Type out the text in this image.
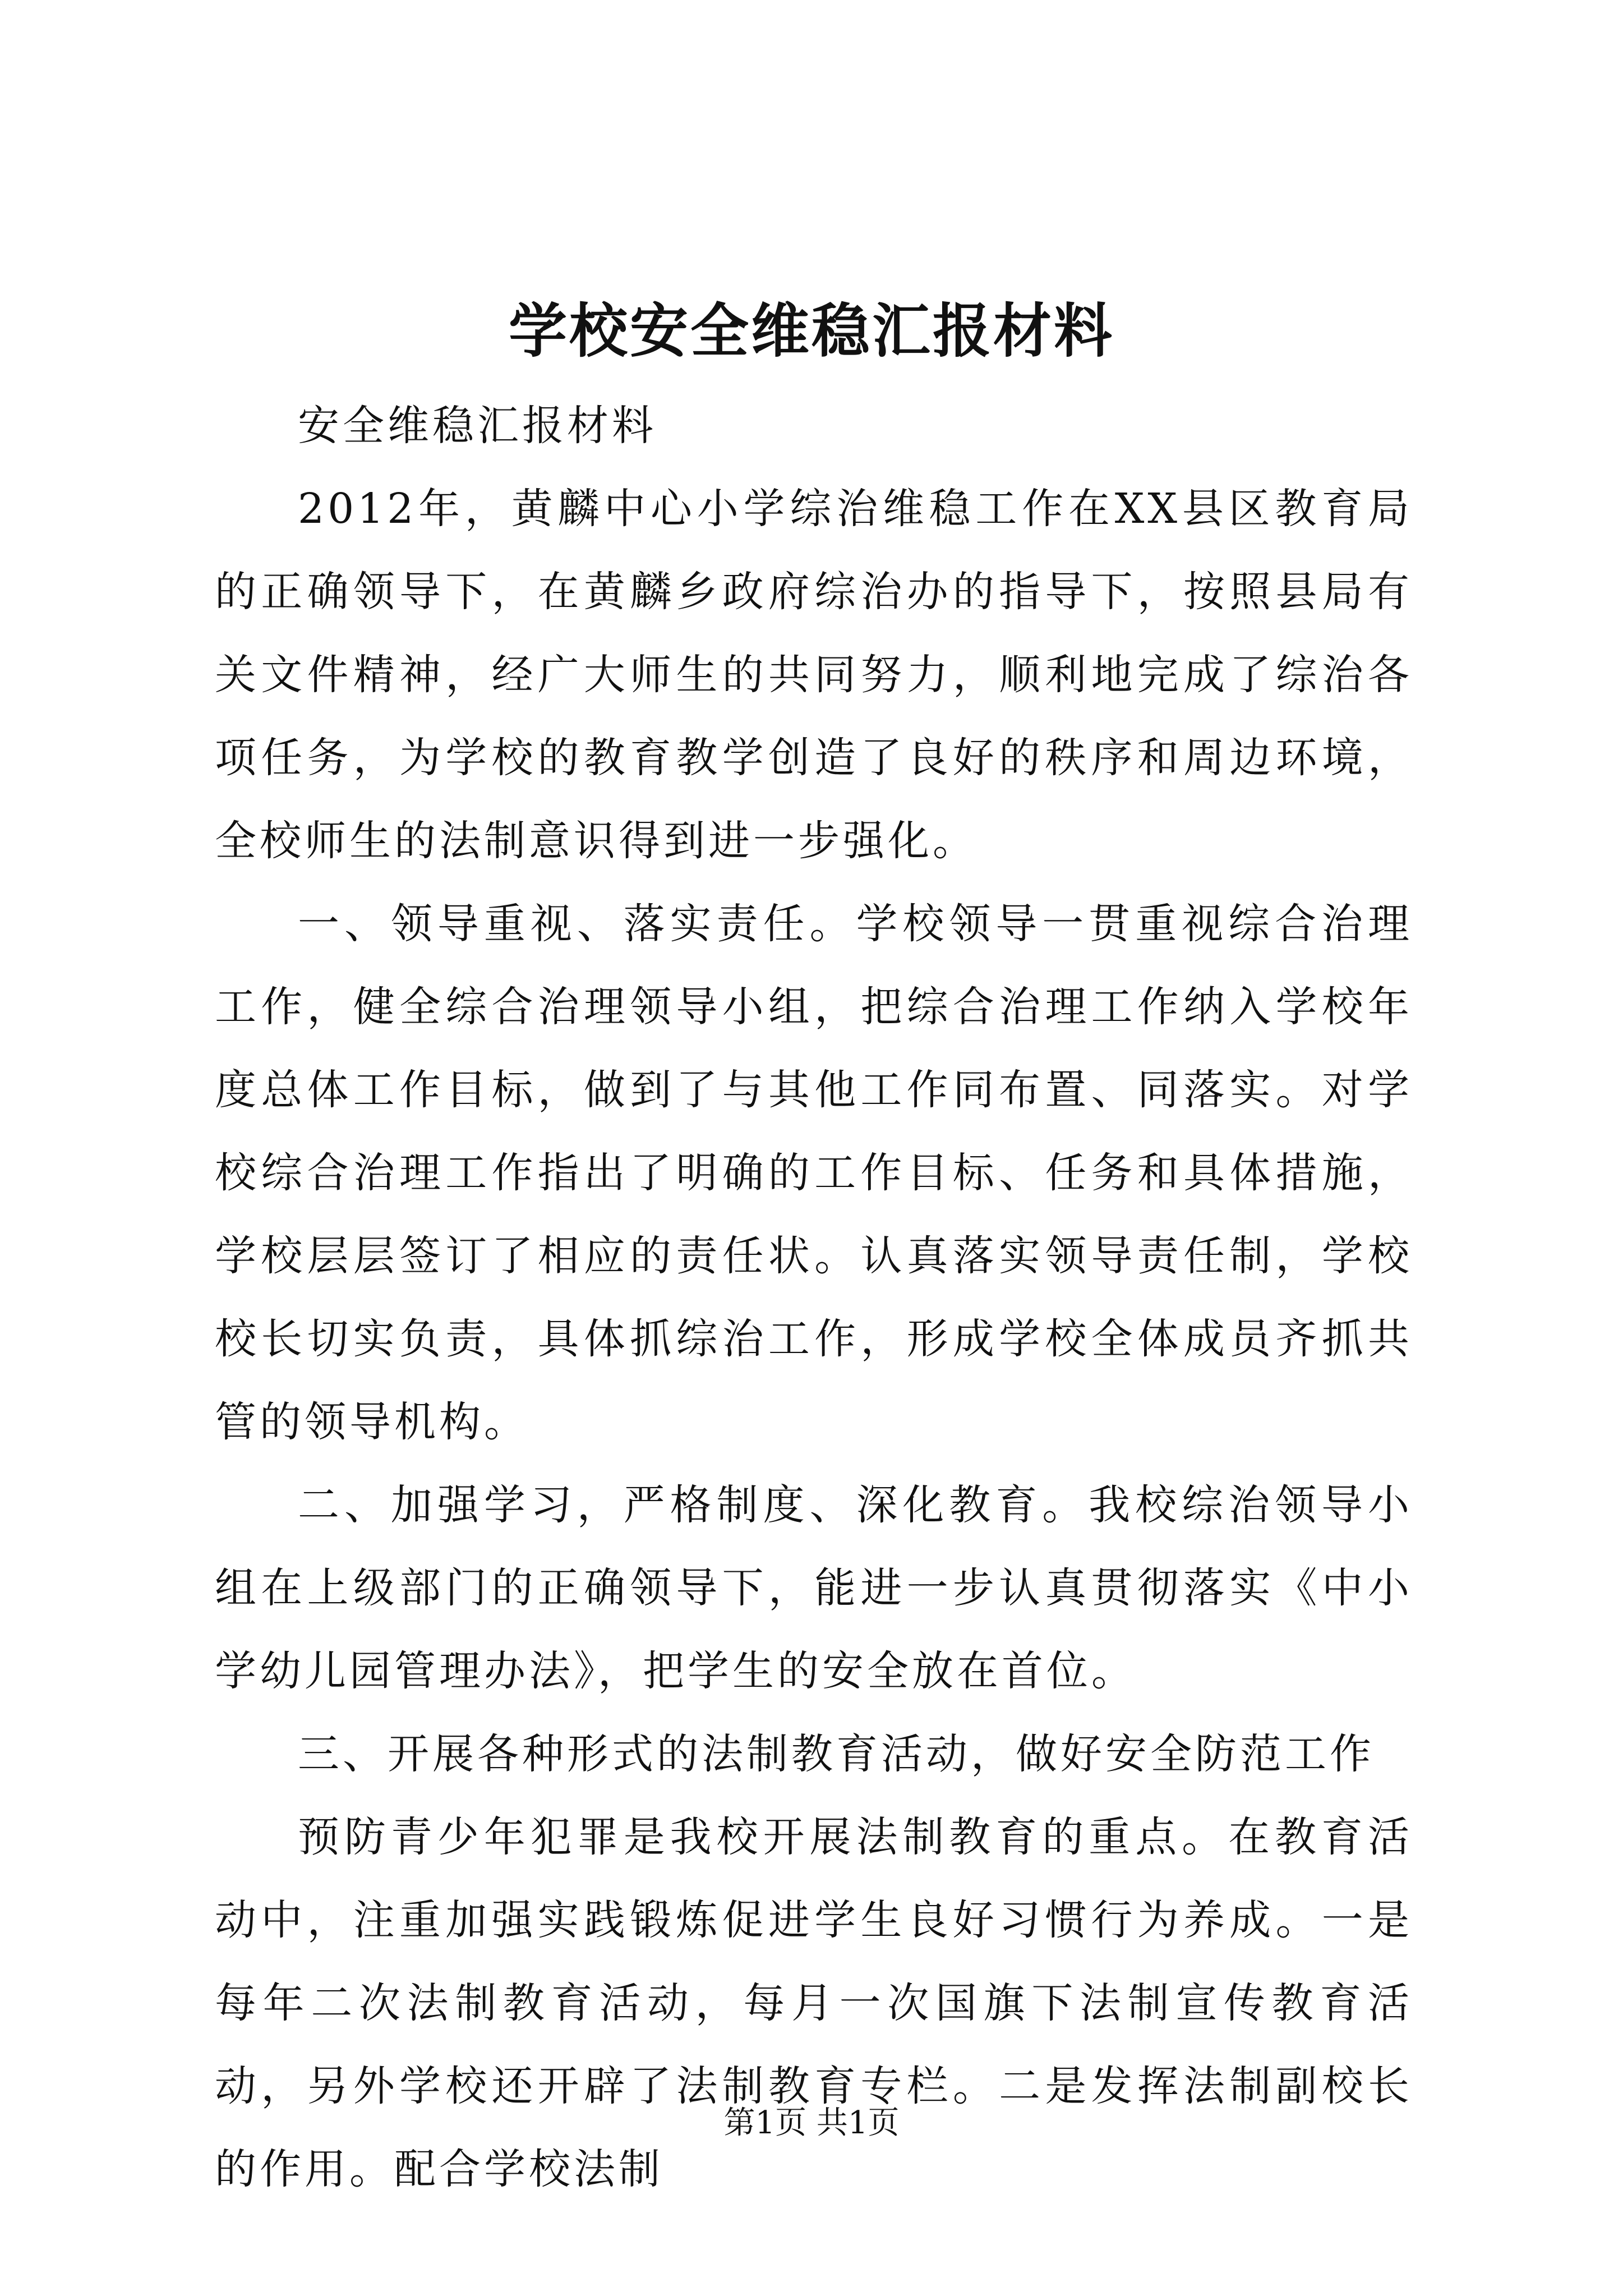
学校安全维稳汇报材料

安全维稳汇报材料

2012年，黄麟中心小学综治维稳工作在XX县区教育局的正确领导下，在黄麟乡政府综治办的指导下，按照县局有关文件精神，经广大师生的共同努力，顺利地完成了综治各项任务，为学校的教育教学创造了良好的秩序和周边环境，全校师生的法制意识得到进一步强化。

一、领导重视、落实责任。学校领导一贯重视综合治理工作，健全综合治理领导小组，把综合治理工作纳入学校年度总体工作目标，做到了与其他工作同布置、同落实。对学校综合治理工作指出了明确的工作目标、任务和具体措施，学校层层签订了相应的责任状。认真落实领导责任制，学校校长切实负责，具体抓综治工作，形成学校全体成员齐抓共管的领导机构。

二、加强学习，严格制度、深化教育。我校综治领导小组在上级部门的正确领导下，能进一步认真贯彻落实《中小学幼儿园管理办法》，把学生的安全放在首位。

三、开展各种形式的法制教育活动，做好安全防范工作

预防青少年犯罪是我校开展法制教育的重点。在教育活动中，注重加强实践锻炼促进学生良好习惯行为养成。一是每年二次法制教育活动，每月一次国旗下法制宣传教育活动，另外学校还开辟了法制教育专栏。二是发挥法制副校长的作用。配合学校法制

第1页 共1页
